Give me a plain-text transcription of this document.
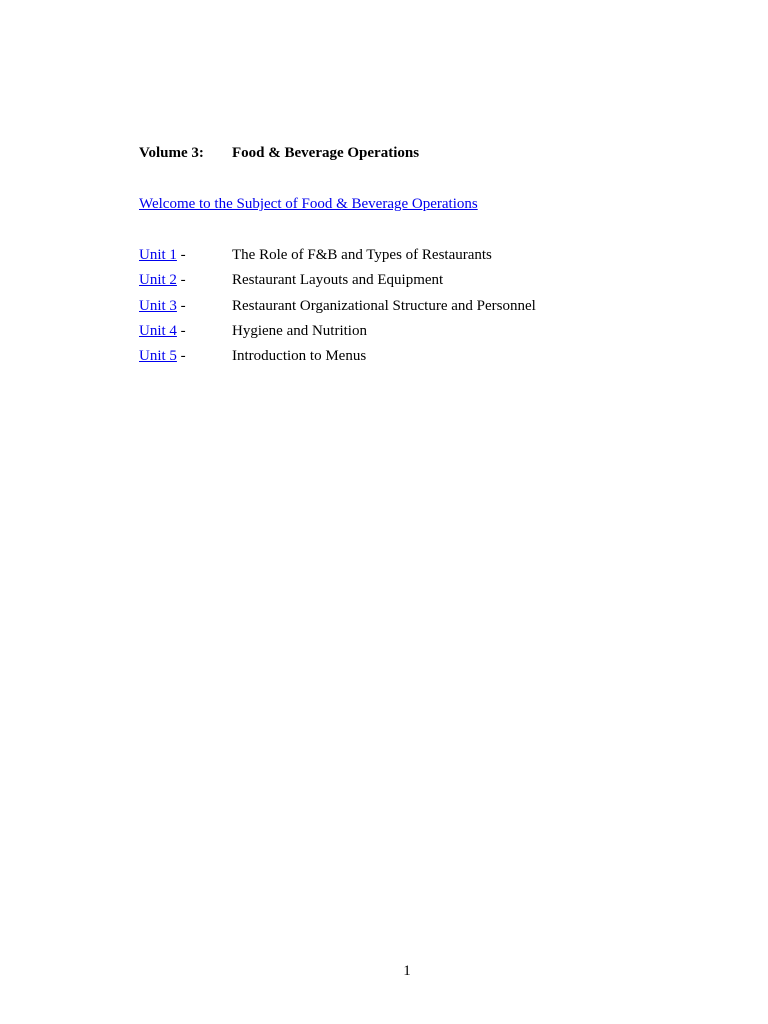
Volume 3: Food & Beverage Operations
Welcome to the Subject of Food & Beverage Operations
Unit 1 -	The Role of F&B and Types of Restaurants
Unit 2 -	Restaurant Layouts and Equipment
Unit 3 -	Restaurant Organizational Structure and Personnel
Unit 4 -	Hygiene and Nutrition
Unit 5 -	Introduction to Menus
1
